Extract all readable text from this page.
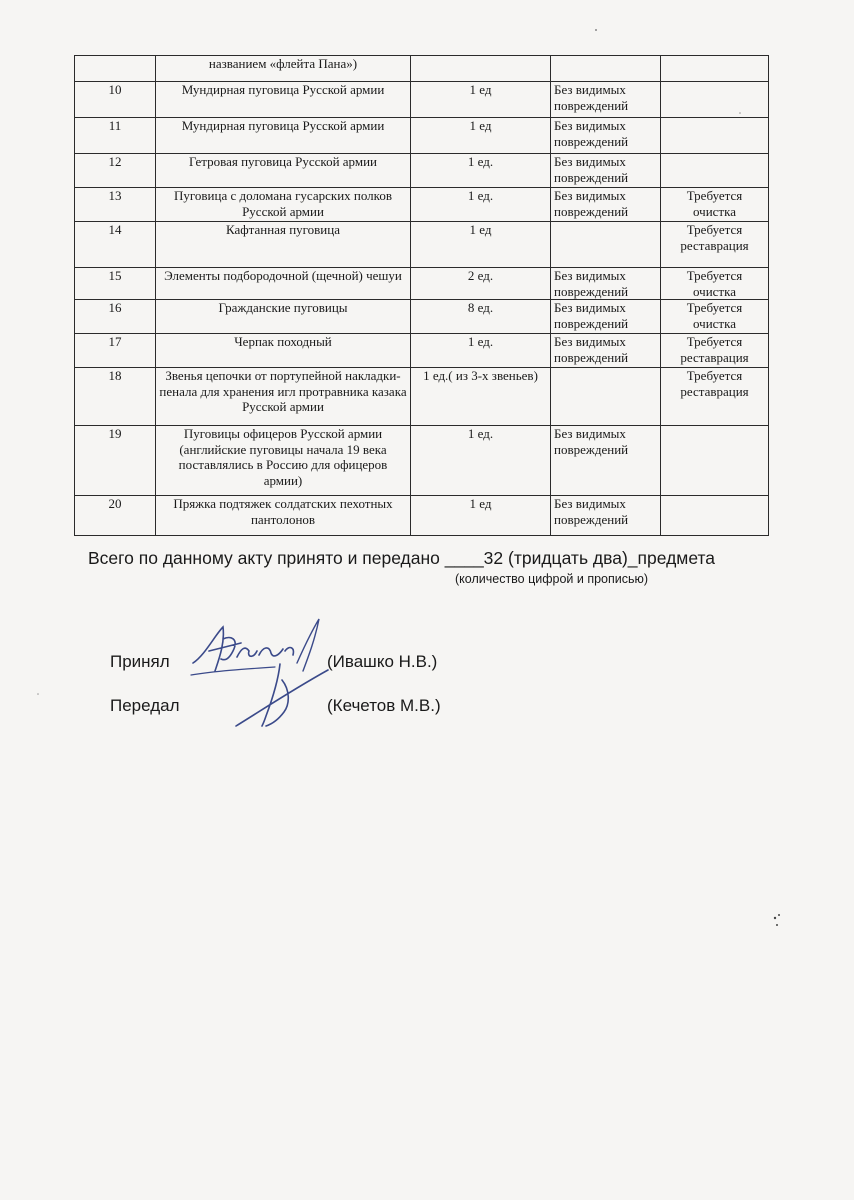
	названием «флейта Пана»)			
10	Мундирная пуговица Русской армии	1 ед	Без видимых повреждений	
11	Мундирная пуговица Русской армии	1 ед	Без видимых повреждений	
12	Гетровая пуговица Русской армии	1 ед.	Без видимых повреждений	
13	Пуговица с доломана гусарских полков Русской армии	1 ед.	Без видимых повреждений	Требуется очистка
14	Кафтанная пуговица	1 ед		Требуется реставрация
15	Элементы подбородочной (щечной) чешуи	2 ед.	Без видимых повреждений	Требуется очистка
16	Гражданские пуговицы	8 ед.	Без видимых повреждений	Требуется очистка
17	Черпак походный	1 ед.	Без видимых повреждений	Требуется реставрация
18	Звенья цепочки от портупейной накладки-пенала для хранения игл протравника казака Русской армии	1 ед.( из 3-х звеньев)		Требуется реставрация
19	Пуговицы офицеров Русской армии (английские пуговицы начала 19 века поставлялись в Россию для офицеров армии)	1 ед.	Без видимых повреждений	
20	Пряжка подтяжек солдатских пехотных пантолонов	1 ед	Без видимых повреждений	
Всего по данному акту принято и передано ____32 (тридцать два)_предмета
(количество цифрой и прописью)
Принял	(Ивашко Н.В.)
Передал	(Кечетов М.В.)
